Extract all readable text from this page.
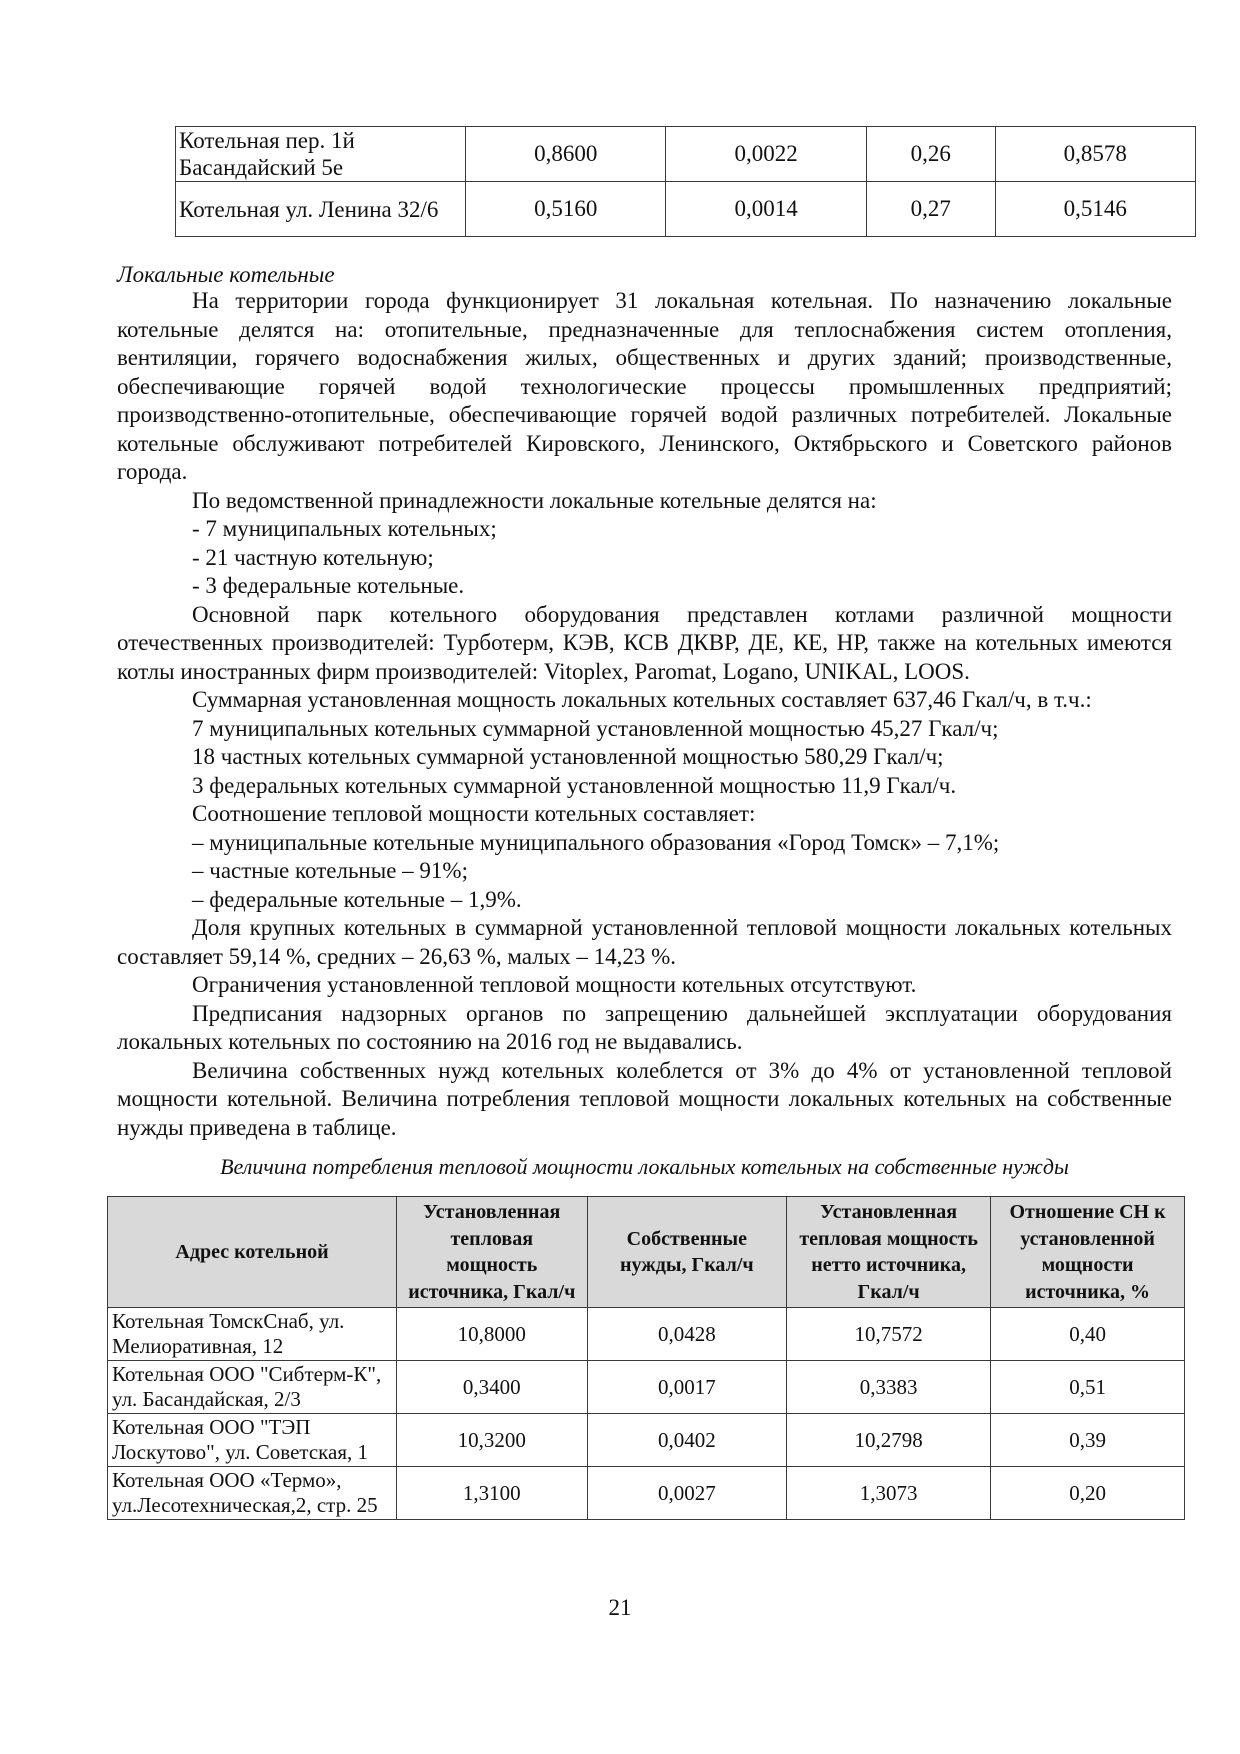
Котельная пер. 1й Басандайский 5е	0,8600	0,0022	0,26	0,8578
Котельная ул. Ленина 32/6	0,5160	0,0014	0,27	0,5146
Локальные котельные

На территории города функционирует 31 локальная котельная. По назначению локальные котельные делятся на: отопительные, предназначенные для теплоснабжения систем отопления, вентиляции, горячего водоснабжения жилых, общественных и других зданий; производственные, обеспечивающие горячей водой технологические процессы промышленных предприятий; производственно-отопительные, обеспечивающие горячей водой различных потребителей. Локальные котельные обслуживают потребителей Кировского, Ленинского, Октябрьского и Советского районов города.

По ведомственной принадлежности локальные котельные делятся на:

- 7 муниципальных котельных;

- 21 частную котельную;

- 3 федеральные котельные.

Основной парк котельного оборудования представлен котлами различной мощности отечественных производителей: Турботерм, КЭВ, КСВ ДКВР, ДЕ, КЕ, НР, также на котельных имеются котлы иностранных фирм производителей: Vitoplex, Paromat, Logano, UNIKAL, LOOS.

Суммарная установленная мощность локальных котельных составляет 637,46 Гкал/ч, в т.ч.:

7 муниципальных котельных суммарной установленной мощностью 45,27 Гкал/ч;

18 частных котельных суммарной установленной мощностью 580,29 Гкал/ч;

3 федеральных котельных суммарной установленной мощностью 11,9 Гкал/ч.

Соотношение тепловой мощности котельных составляет:

– муниципальные котельные муниципального образования «Город Томск» – 7,1%;

– частные котельные – 91%;

– федеральные котельные – 1,9%.

Доля крупных котельных в суммарной установленной тепловой мощности локальных котельных составляет 59,14 %, средних – 26,63 %, малых – 14,23 %.

Ограничения установленной тепловой мощности котельных отсутствуют.

Предписания надзорных органов по запрещению дальнейшей эксплуатации оборудования локальных котельных по состоянию на 2016 год не выдавались.

Величина собственных нужд котельных колеблется от 3% до 4% от установленной тепловой мощности котельной. Величина потребления тепловой мощности локальных котельных на собственные нужды приведена в таблице.

Величина потребления тепловой мощности локальных котельных на собственные нужды
Адрес котельной	Установленная тепловая мощность источника, Гкал/ч	Собственные нужды, Гкал/ч	Установленная тепловая мощность нетто источника, Гкал/ч	Отношение СН к установленной мощности источника, %
Котельная ТомскСнаб, ул. Мелиоративная, 12	10,8000	0,0428	10,7572	0,40
Котельная ООО "Сибтерм-К", ул. Басандайская, 2/3	0,3400	0,0017	0,3383	0,51
Котельная ООО "ТЭП Лоскутово", ул. Советская, 1	10,3200	0,0402	10,2798	0,39
Котельная ООО «Термо», ул.Лесотехническая,2, стр. 25	1,3100	0,0027	1,3073	0,20
21
